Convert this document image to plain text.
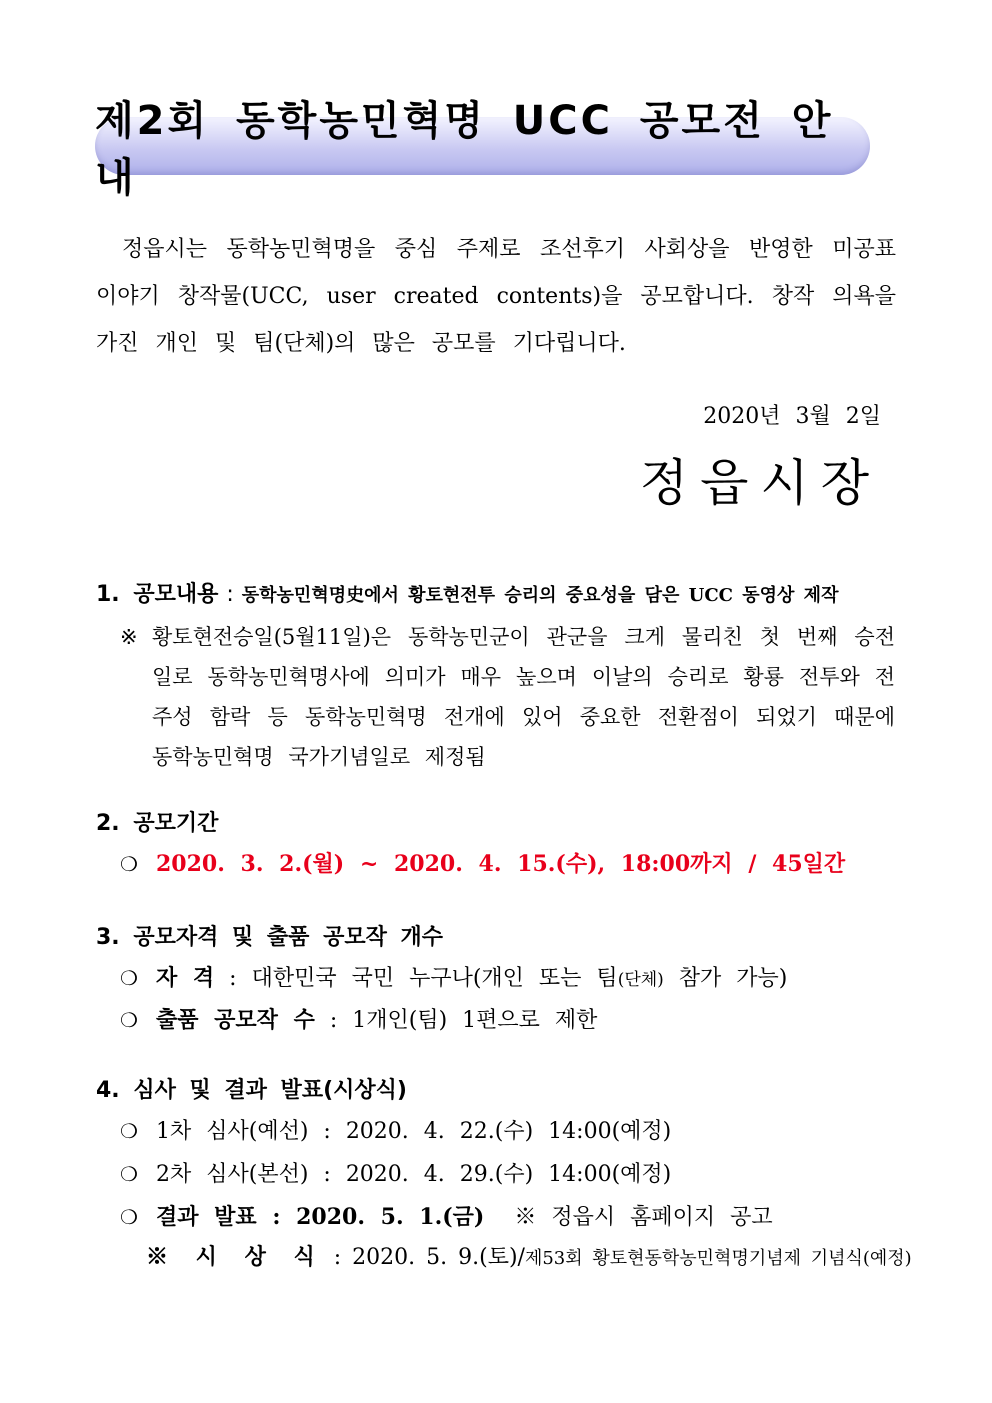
제2회 동학농민혁명 UCC 공모전 안내

정읍시는 동학농민혁명을 중심 주제로 조선후기 사회상을 반영한 미공표 이야기 창작물(UCC, user created contents)을 공모합니다. 창작 의욕을 가진 개인 및 팀(단체)의 많은 공모를 기다립니다.

2020년 3월 2일
정읍시장
1. 공모내용 : 동학농민혁명史에서 황토현전투 승리의 중요성을 담은 UCC 동영상 제작
※ 황토현전승일(5월11일)은 동학농민군이 관군을 크게 물리친 첫 번째 승전일로 동학농민혁명사에 의미가 매우 높으며 이날의 승리로 황룡 전투와 전주성 함락 등 동학농민혁명 전개에 있어 중요한 전환점이 되었기 때문에 동학농민혁명 국가기념일로 제정됨
2. 공모기간
❍ 2020. 3. 2.(월) ~ 2020. 4. 15.(수), 18:00까지 / 45일간
3. 공모자격 및 출품 공모작 개수
❍ 자 격 : 대한민국 국민 누구나(개인 또는 팀(단체) 참가 가능)
❍ 출품 공모작 수 : 1개인(팀) 1편으로 제한
4. 심사 및 결과 발표(시상식)
❍ 1차 심사(예선) : 2020. 4. 22.(수) 14:00(예정)
❍ 2차 심사(본선) : 2020. 4. 29.(수) 14:00(예정)
❍ 결과 발표 : 2020. 5. 1.(금) ※ 정읍시 홈페이지 공고
※ 시 상 식 : 2020. 5. 9.(토)/제53회 황토현동학농민혁명기념제 기념식(예정)
